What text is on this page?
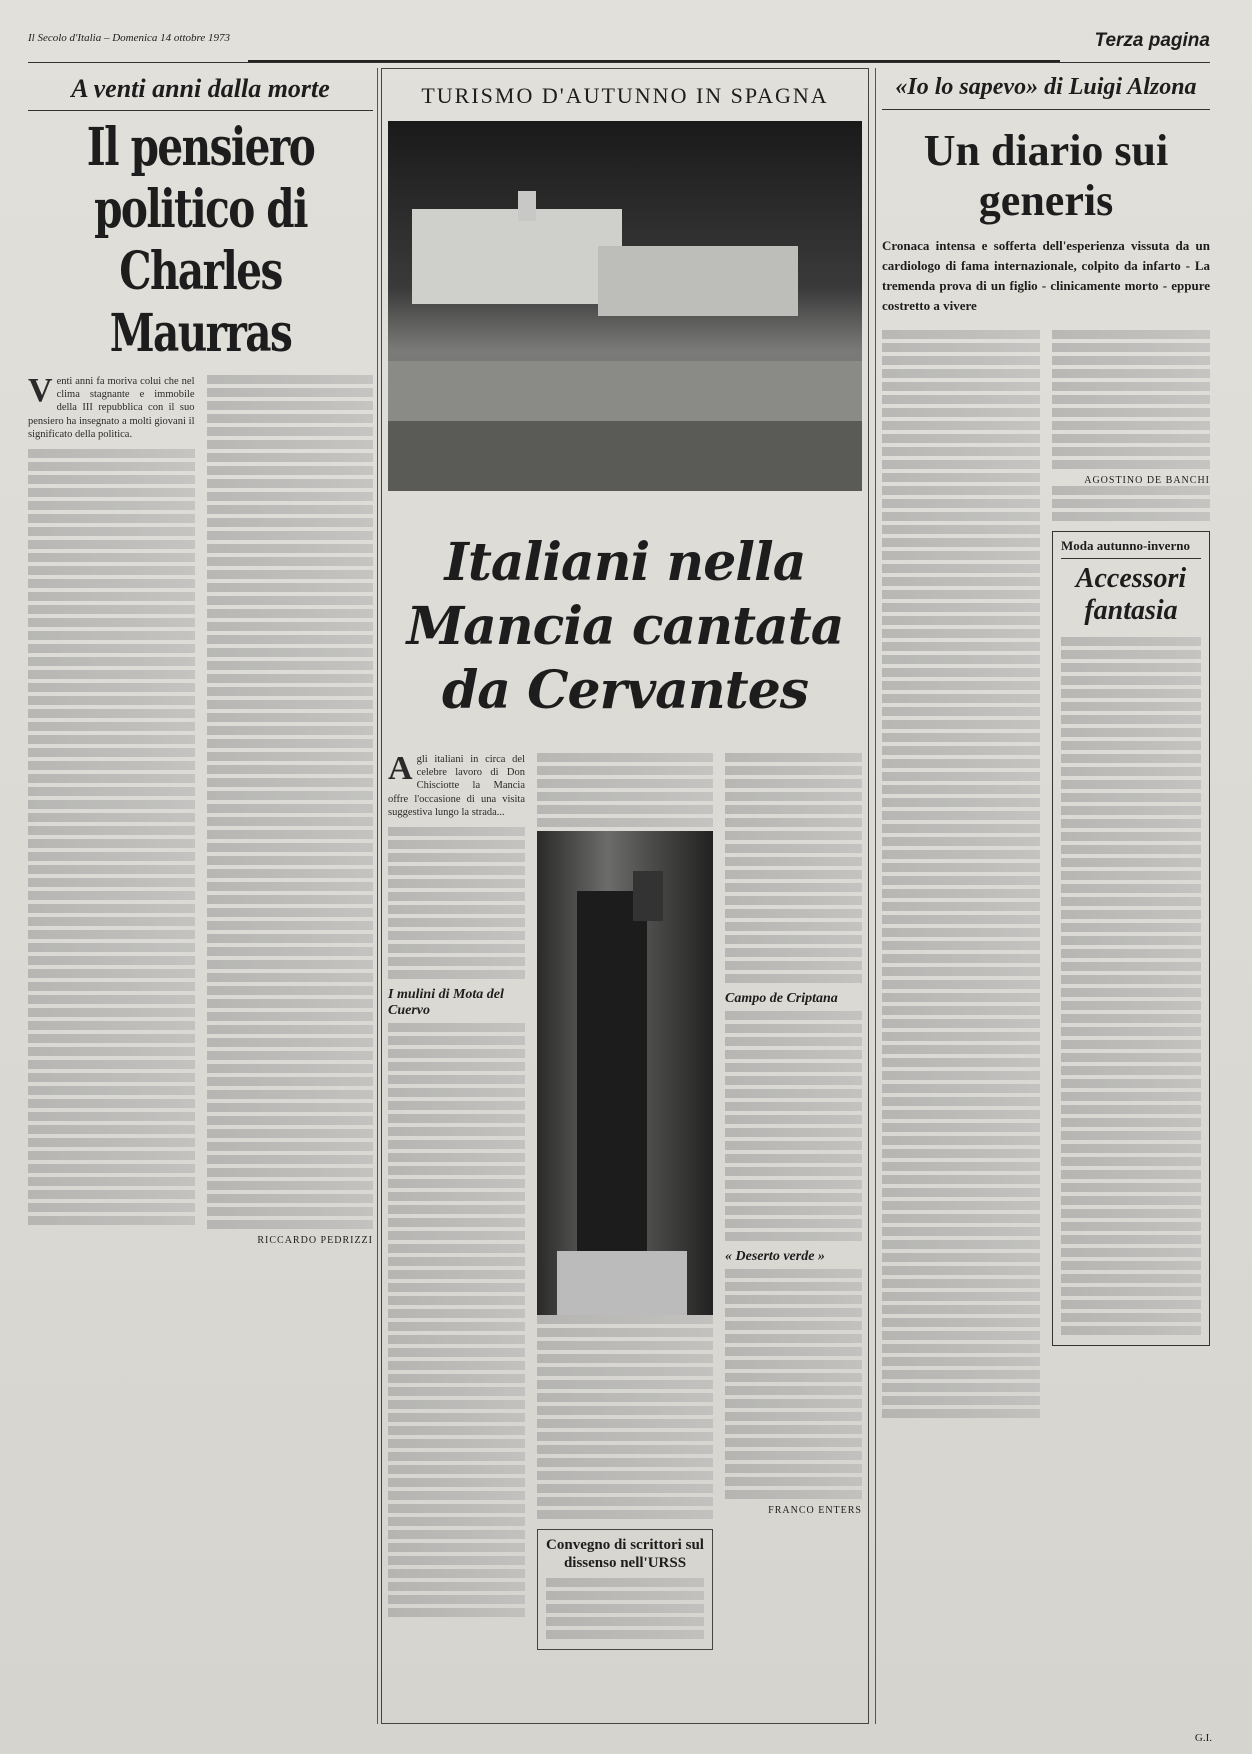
Il Secolo d'Italia – Domenica 14 ottobre 1973	Terza pagina
A venti anni dalla morte
Il pensiero politico di Charles Maurras

Venti anni fa moriva colui che nel clima stagnante e immobile della III repubblica con il suo pensiero ha insegnato a molti giovani il significato della politica.

RICCARDO PEDRIZZI
TURISMO D'AUTUNNO IN SPAGNA
Italiani nella Mancia cantata da Cervantes

Agli italiani in circa del celebre lavoro di Don Chisciotte la Mancia offre l'occasione di una visita suggestiva lungo la strada...

I mulini di Mota del Cuervo
Convegno di scrittori sul dissenso nell'URSS
Campo de Criptana
« Deserto verde »
FRANCO ENTERS
«Io lo sapevo» di Luigi Alzona
Un diario sui generis
Cronaca intensa e sofferta dell'esperienza vissuta da un cardiologo di fama internazionale, colpito da infarto - La tremenda prova di un figlio - clinicamente morto - eppure costretto a vivere
AGOSTINO DE BANCHI
Moda autunno-inverno
Accessori fantasia
G.I.
